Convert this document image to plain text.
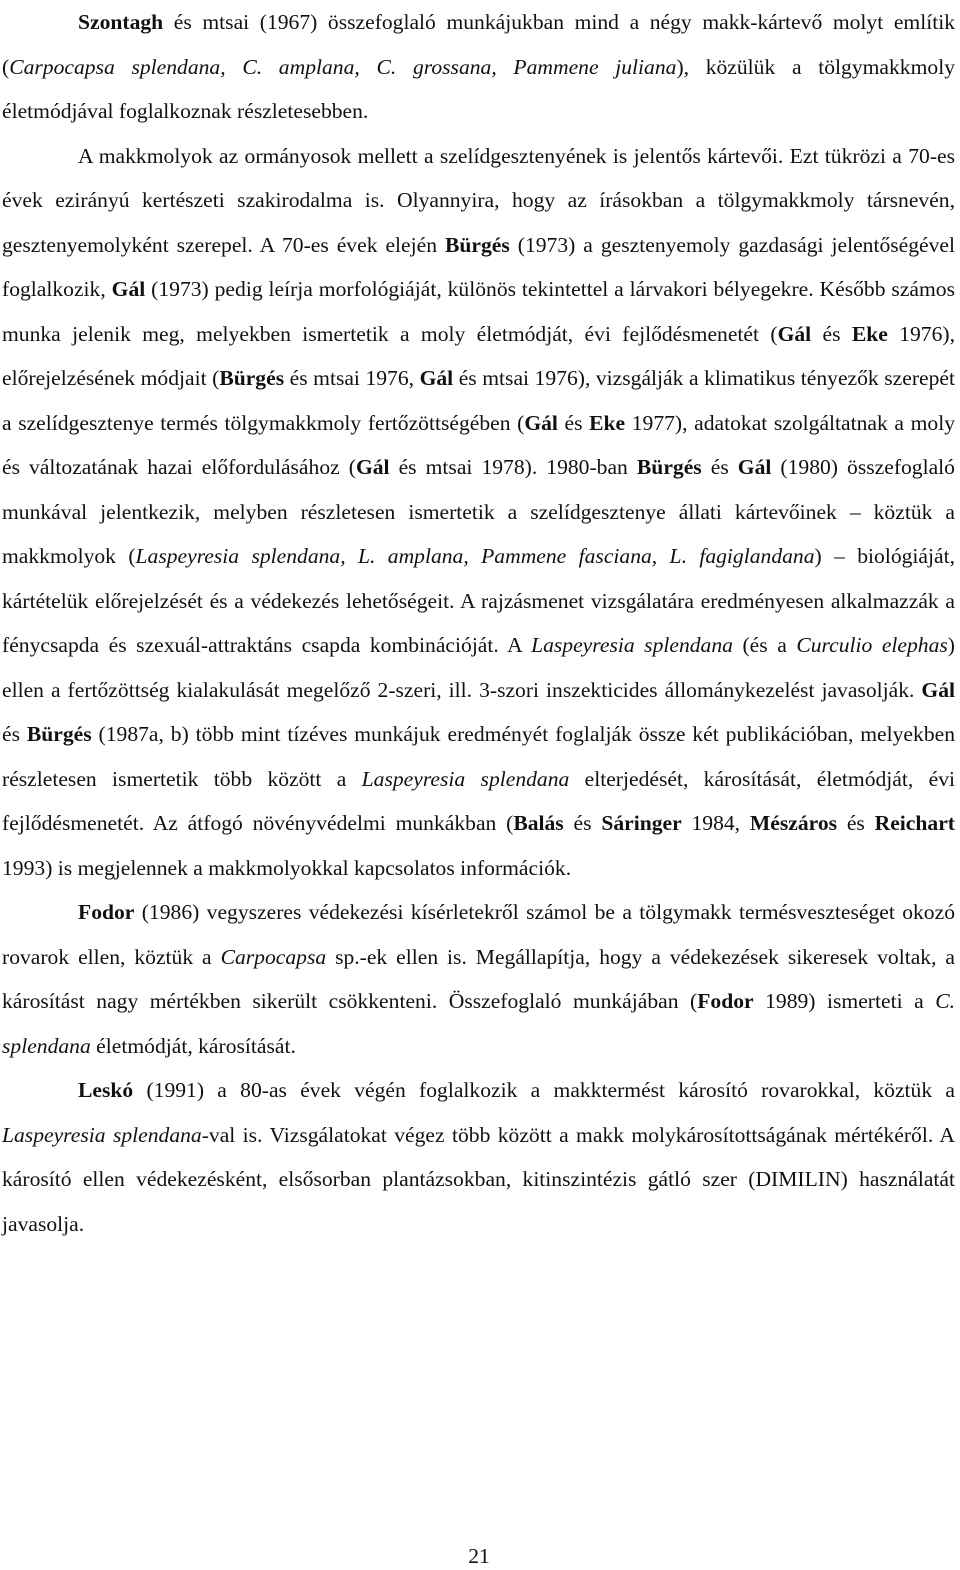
Szontagh és mtsai (1967) összefoglaló munkájukban mind a négy makk-kártevő molyt említik (Carpocapsa splendana, C. amplana, C. grossana, Pammene juliana), közülük a tölgymakkmoly életmódjával foglalkoznak részletesebben.

A makkmolyok az ormányosok mellett a szelídgesztenyének is jelentős kártevői. Ezt tükrözi a 70-es évek ezirányú kertészeti szakirodalma is. Olyannyira, hogy az írásokban a tölgymakkmoly társnevén, gesztenyemolyként szerepel. A 70-es évek elején Bürgés (1973) a gesztenyemoly gazdasági jelentőségével foglalkozik, Gál (1973) pedig leírja morfológiáját, különös tekintettel a lárvakori bélyegekre. Később számos munka jelenik meg, melyekben ismertetik a moly életmódját, évi fejlődésmenetét (Gál és Eke 1976), előrejelzésének módjait (Bürgés és mtsai 1976, Gál és mtsai 1976), vizsgálják a klimatikus tényezők szerepét a szelídgesztenye termés tölgymakkmoly fertőzöttségében (Gál és Eke 1977), adatokat szolgáltatnak a moly és változatának hazai előfordulásához (Gál és mtsai 1978). 1980-ban Bürgés és Gál (1980) összefoglaló munkával jelentkezik, melyben részletesen ismertetik a szelídgesztenye állati kártevőinek – köztük a makkmolyok (Laspeyresia splendana, L. amplana, Pammene fasciana, L. fagiglandana) – biológiáját, kártételük előrejelzését és a védekezés lehetőségeit. A rajzásmenet vizsgálatára eredményesen alkalmazzák a fénycsapda és szexuál-attraktáns csapda kombinációját. A Laspeyresia splendana (és a Curculio elephas) ellen a fertőzöttség kialakulását megelőző 2-szeri, ill. 3-szori inszekticides állománykezelést javasolják. Gál és Bürgés (1987a, b) több mint tízéves munkájuk eredményét foglalják össze két publikációban, melyekben részletesen ismertetik több között a Laspeyresia splendana elterjedését, károsítását, életmódját, évi fejlődésmenetét. Az átfogó növényvédelmi munkákban (Balás és Sáringer 1984, Mészáros és Reichart 1993) is megjelennek a makkmolyokkal kapcsolatos információk.

Fodor (1986) vegyszeres védekezési kísérletekről számol be a tölgymakk termésveszteséget okozó rovarok ellen, köztük a Carpocapsa sp.-ek ellen is. Megállapítja, hogy a védekezések sikeresek voltak, a károsítást nagy mértékben sikerült csökkenteni. Összefoglaló munkájában (Fodor 1989) ismerteti a C. splendana életmódját, károsítását.

Leskó (1991) a 80-as évek végén foglalkozik a makktermést károsító rovarokkal, köztük a Laspeyresia splendana-val is. Vizsgálatokat végez több között a makk molykárosítottságának mértékéről. A károsító ellen védekezésként, elsősorban plantázsokban, kitinszintézis gátló szer (DIMILIN) használatát javasolja.

21
